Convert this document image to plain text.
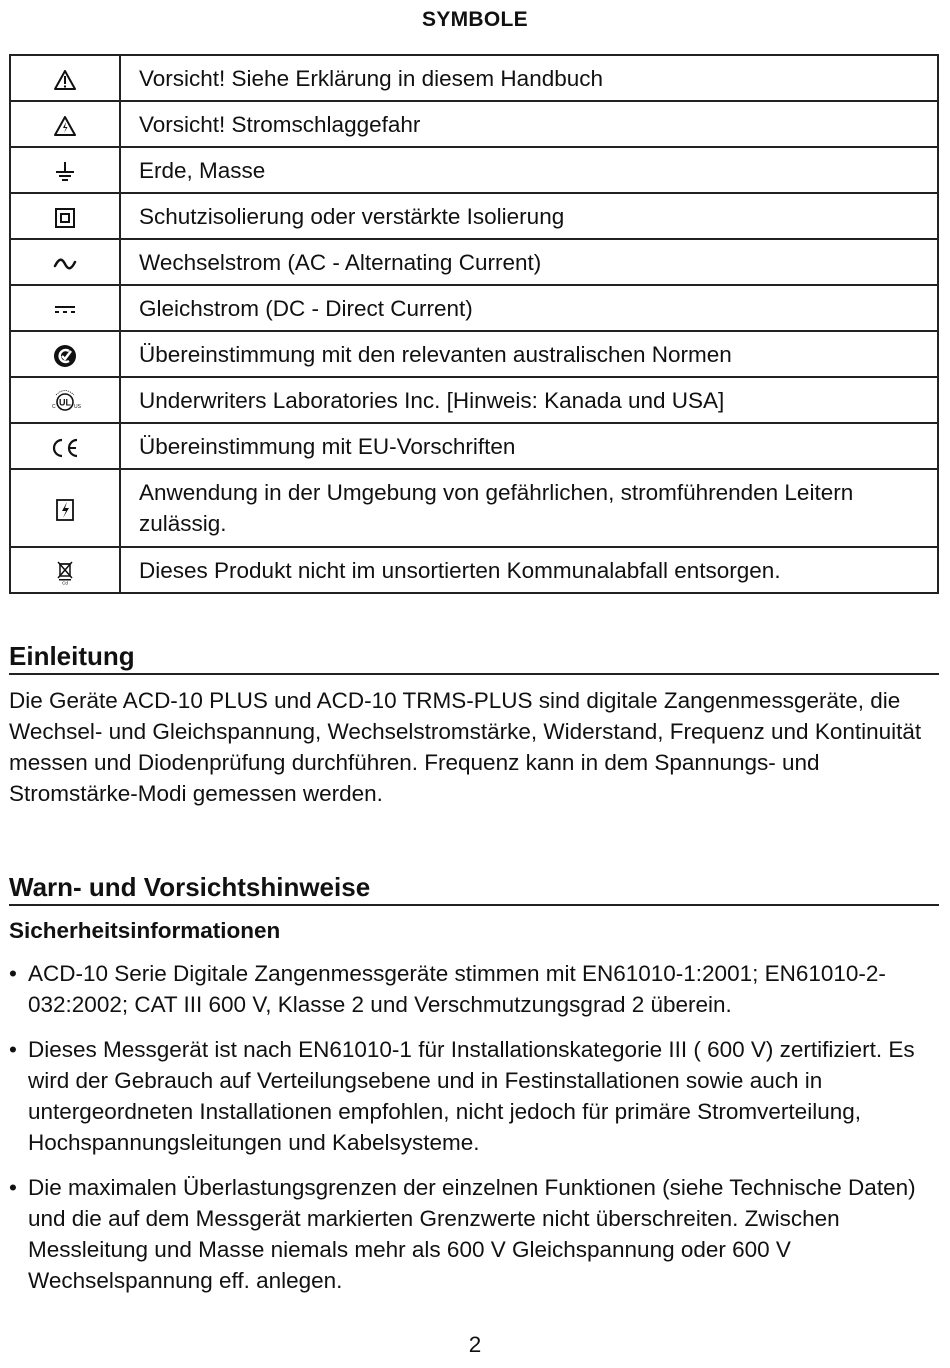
SYMBOLE
	Vorsicht! Siehe Erklärung in diesem Handbuch

	Vorsicht! Stromschlaggefahr

	Erde, Masse

	Schutzisolierung oder verstärkte Isolierung

	Wechselstrom (AC - Alternating Current)

	Gleichstrom (DC - Direct Current)

	Übereinstimmung mit den relevanten australischen Normen

UL
C US	Underwriters Laboratories Inc. [Hinweis: Kanada und USA]

	Übereinstimmung mit EU-Vorschriften

	Anwendung in der Umgebung von gefährlichen, stromführenden Leitern zulässig.

Cd	Dieses Produkt nicht im unsortierten Kommunalabfall entsorgen.
Einleitung

Die Geräte ACD-10 PLUS und ACD-10 TRMS-PLUS sind digitale Zangenmessgeräte, die Wechsel- und Gleichspannung, Wechselstromstärke, Widerstand, Frequenz und Kontinuität messen und Diodenprüfung durchführen. Frequenz kann in dem Spannungs- und Stromstärke-Modi gemessen werden.

Warn- und Vorsichtshinweise
Sicherheitsinformationen
• ACD-10 Serie Digitale Zangenmessgeräte stimmen mit EN61010-1:2001; EN61010-2- 032:2002; CAT III 600 V, Klasse 2 und Verschmutzungsgrad 2 überein.
• Dieses Messgerät ist nach EN61010-1 für Installationskategorie III ( 600 V) zertifiziert. Es wird der Gebrauch auf Verteilungsebene und in Festinstallationen sowie auch in untergeordneten Installationen empfohlen, nicht jedoch für primäre Stromverteilung, Hochspannungsleitungen und Kabelsysteme.
• Die maximalen Überlastungsgrenzen der einzelnen Funktionen (siehe Technische Daten) und die auf dem Messgerät markierten Grenzwerte nicht überschreiten. Zwischen Messleitung und Masse niemals mehr als 600 V Gleichspannung oder 600 V Wechselspannung eff. anlegen.
2
